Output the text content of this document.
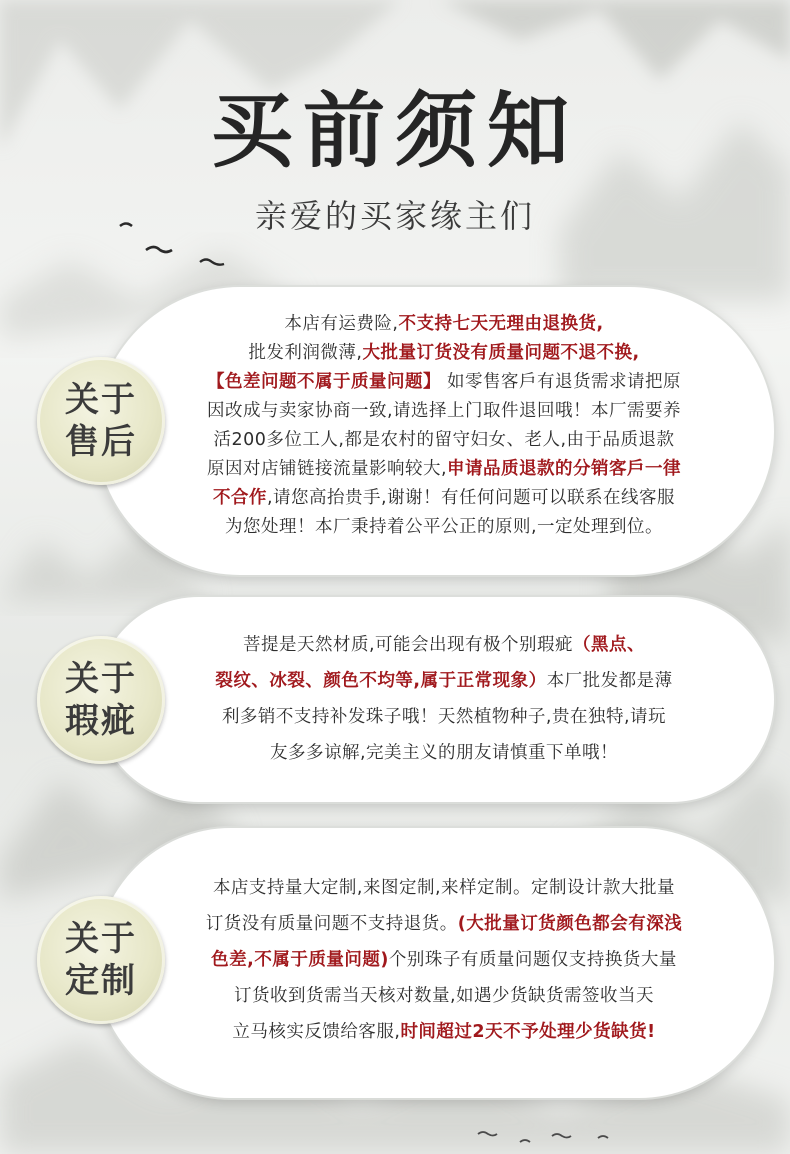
买前须知
亲爱的买家缘主们
关于
售后
本店有运费险,不支持七天无理由退换货,
批发利润微薄,大批量订货没有质量问题不退不换,
【色差问题不属于质量问题】 如零售客戶有退货需求请把原
因改成与卖家协商一致,请选择上门取件退回哦！本厂需要养
活200多位工人,都是农村的留守妇女、老人,由于品质退款
原因对店铺链接流量影响较大,申请品质退款的分销客戶一律
不合作,请您高抬贵手,谢谢！有任何问题可以联系在线客服
为您处理！本厂秉持着公平公正的原则,一定处理到位。
关于
瑕疵
菩提是天然材质,可能会出现有极个别瑕疵（黑点、
裂纹、冰裂、颜色不均等,属于正常现象）本厂批发都是薄
利多销不支持补发珠子哦！天然植物种子,贵在独特,请玩
友多多谅解,完美主义的朋友请慎重下单哦！
关于
定制
本店支持量大定制,来图定制,来样定制。定制设计款大批量
订货没有质量问题不支持退货。(大批量订货颜色都会有深浅
色差,不属于质量问题)个别珠子有质量问题仅支持换货大量
订货收到货需当天核对数量,如遇少货缺货需签收当天
立马核实反馈给客服,时间超过2天不予处理少货缺货!
